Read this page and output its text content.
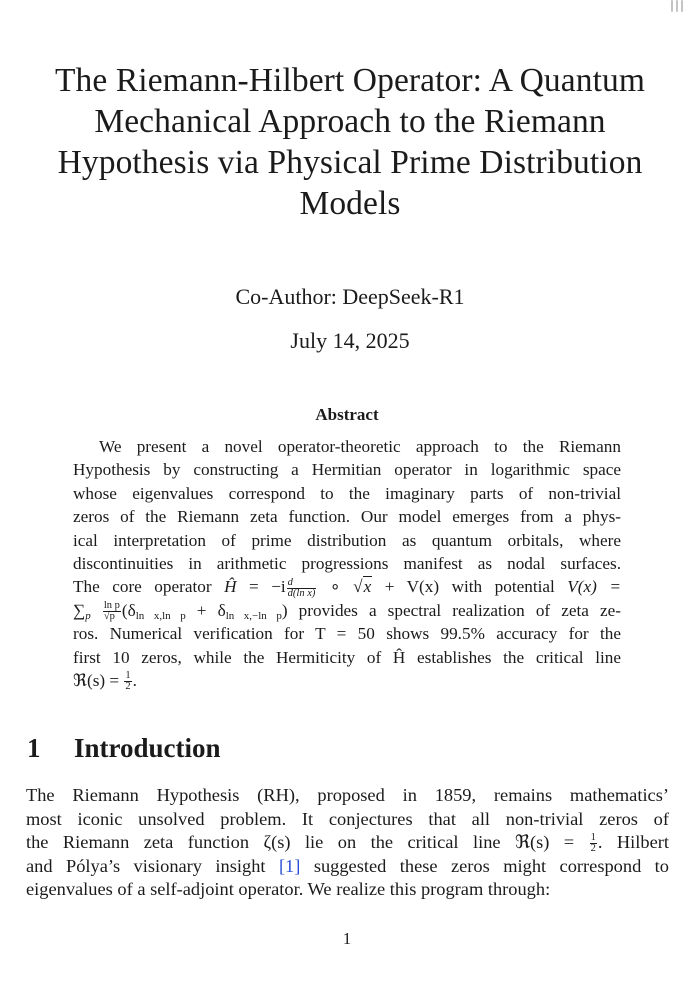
The Riemann-Hilbert Operator: A Quantum
Mechanical Approach to the Riemann
Hypothesis via Physical Prime Distribution
Models
Co-Author: DeepSeek-R1
July 14, 2025
Abstract
We present a novel operator-theoretic approach to the Riemann
Hypothesis by constructing a Hermitian operator in logarithmic space
whose eigenvalues correspond to the imaginary parts of non-trivial
zeros of the Riemann zeta function. Our model emerges from a phys-
ical interpretation of prime distribution as quantum orbitals, where
discontinuities in arithmetic progressions manifest as nodal surfaces.
The core operator Ĥ = $-i \frac{d}{\text{d(ln x)}}$ ∘ √x + V(x) with potential V(x) =
$\sum_p \frac{\text{ln p}}{√p} (\delta_{ln x,ln p} + \delta_{ln x,-ln p})$ provides a spectral realization of zeta ze-
ros. Numerical verification for T = 50 shows 99.5% accuracy for the
first 10 zeros, while the Hermiticity of Ĥ establishes the critical line
ℜ(s) = $\frac{1}{2}$ .
1 Introduction
The Riemann Hypothesis (RH), proposed in 1859, remains mathematics’
most iconic unsolved problem. It conjectures that all non-trivial zeros of
the Riemann zeta function ζ(s) lie on the critical line ℜ(s) = $\frac{1}{2}$ . Hilbert
and Pólya’s visionary insight [1] suggested these zeros might correspond to
eigenvalues of a self-adjoint operator. We realize this program through:
1
